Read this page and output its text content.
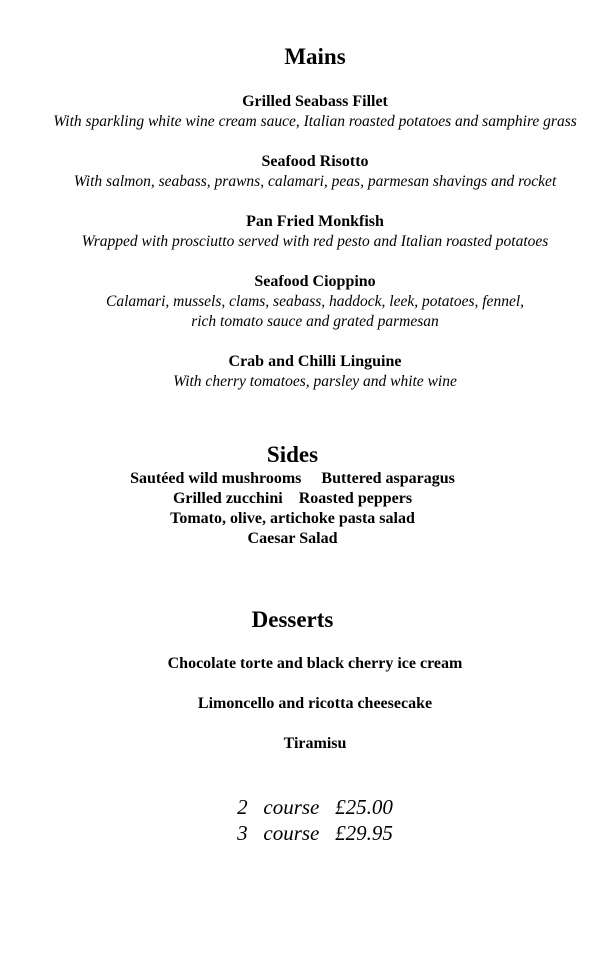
Mains
Grilled Seabass Fillet
With sparkling white wine cream sauce, Italian roasted potatoes and samphire grass
Seafood Risotto
With salmon, seabass, prawns, calamari, peas, parmesan shavings and rocket
Pan Fried Monkfish
Wrapped with prosciutto served with red pesto and Italian roasted potatoes
Seafood Cioppino
Calamari, mussels, clams, seabass, haddock, leek, potatoes, fennel,
rich tomato sauce and grated parmesan
Crab and Chilli Linguine
With cherry tomatoes, parsley and white wine
Sides
Sautéed wild mushrooms     Buttered asparagus
Grilled zucchini    Roasted peppers
Tomato, olive, artichoke pasta salad
Caesar Salad
Desserts
Chocolate torte and black cherry ice cream
Limoncello and ricotta cheesecake
Tiramisu
2   course   £25.00
3   course   £29.95
